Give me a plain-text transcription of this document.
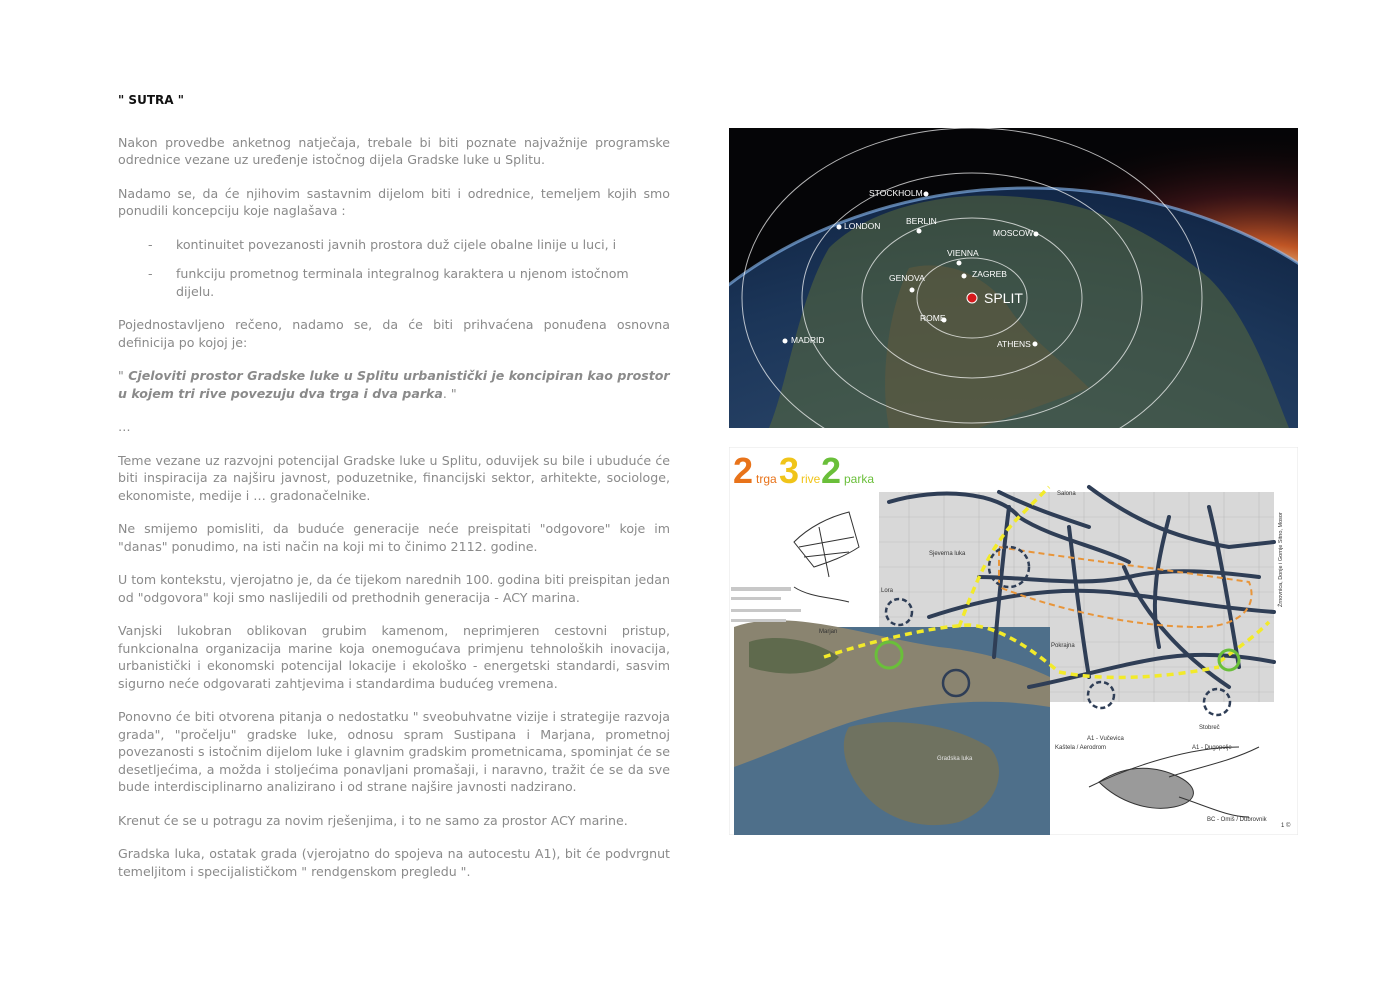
" SUTRA "

Nakon provedbe anketnog natječaja, trebale bi biti poznate najvažnije programske odrednice vezane uz uređenje istočnog dijela Gradske luke u Splitu.

Nadamo se, da će njihovim sastavnim dijelom biti i odrednice, temeljem kojih smo ponudili koncepciju koje naglašava :

-	kontinuitet povezanosti javnih prostora duž cijele obalne linije u luci, i
-	funkciju prometnog terminala integralnog karaktera u njenom istočnom dijelu.

Pojednostavljeno rečeno, nadamo se, da će biti prihvaćena ponuđena osnovna definicija po kojoj je:

" Cjeloviti prostor Gradske luke u Splitu urbanistički je koncipiran kao prostor u kojem tri rive povezuju dva trga i dva parka. "

…

Teme vezane uz razvojni potencijal Gradske luke u Splitu, oduvijek su bile i ubuduće će biti inspiracija za najširu javnost, poduzetnike, financijski sektor, arhitekte, sociologe, ekonomiste, medije i … gradonačelnike.

Ne smijemo pomisliti, da buduće generacije neće preispitati "odgovore" koje im "danas" ponudimo, na isti način na koji mi to činimo 2112. godine.

U tom kontekstu, vjerojatno je, da će tijekom narednih 100. godina biti preispitan jedan od "odgovora" koji smo naslijedili od prethodnih generacija - ACY marina.

Vanjski lukobran oblikovan grubim kamenom, neprimjeren cestovni pristup, funkcionalna organizacija marine koja onemogućava primjenu tehnoloških inovacija, urbanistički i ekonomski potencijal lokacije i ekološko - energetski standardi, sasvim sigurno neće odgovarati zahtjevima i standardima budućeg vremena.

Ponovno će biti otvorena pitanja o nedostatku " sveobuhvatne vizije i strategije razvoja grada", "pročelju" gradske luke, odnosu spram Sustipana i Marjana, prometnoj povezanosti s istočnim dijelom luke i glavnim gradskim prometnicama, spominjat će se desetljećima, a možda i stoljećima ponavljani promašaji, i naravno, tražit će se da sve bude interdisciplinarno analizirano i od strane najšire javnosti nadzirano.

Krenut će se u potragu za novim rješenjima, i to ne samo za prostor ACY marine.

Gradska luka, ostatak grada (vjerojatno do spojeva na autocestu A1), bit će podvrgnut temeljitom i specijalističkom " rendgenskom pregledu ".

STOCKHOLM
LONDON	BERLIN
MOSCOW
VIENNA
ZAGREB
GENOVA
ROME
MADRID	ATHENS
SPLIT
Salona
Sjeverna luka
Lora
Marjan
Pokrajna
Stobreč
Gradska luka
A1 - Vučevica
Kaštela / Aerodrom	A1 - Dugopolje
BC - Omiš / Dubrovnik
1 ©
Žrnovnica, Donje i Gornje Sitno, Mosor
2 trga 3 rive 2 parka
